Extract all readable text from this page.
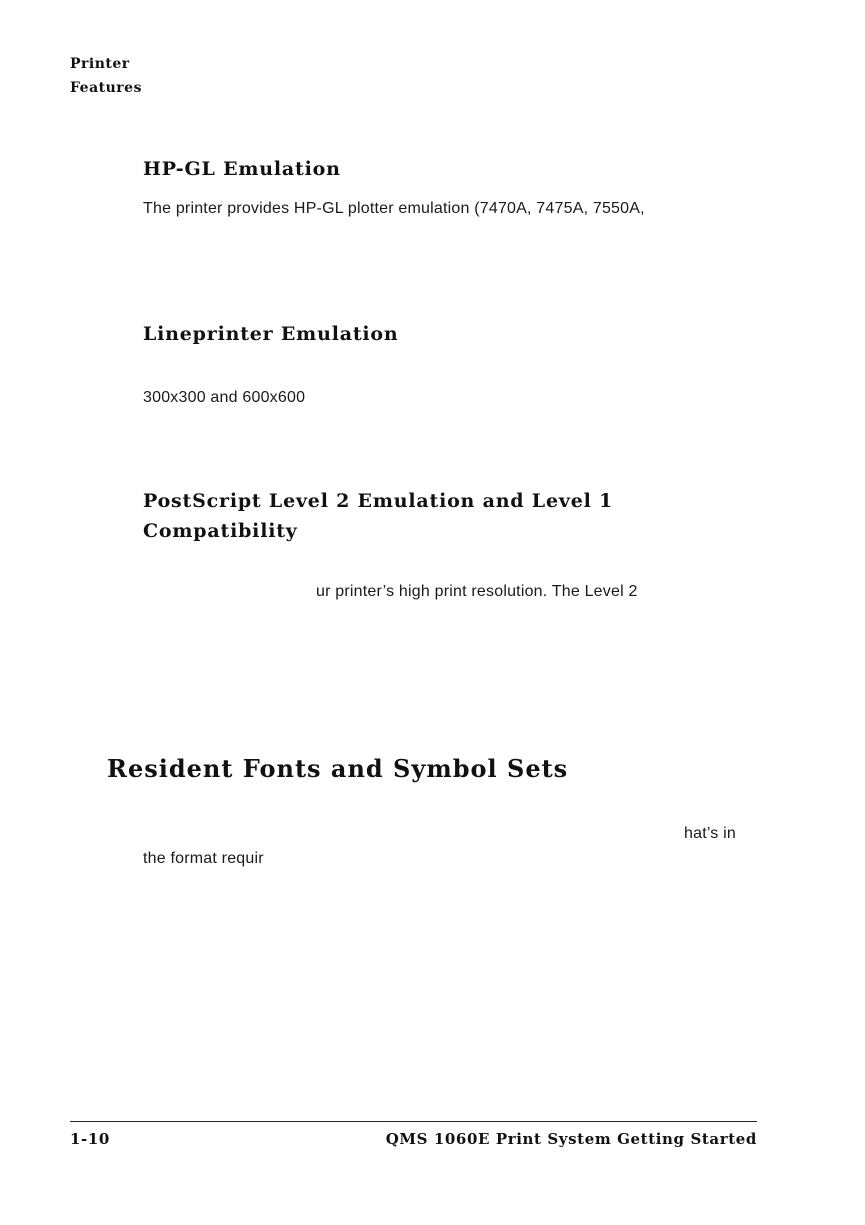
Printer
Features
HP-GL Emulation
The printer provides HP-GL plotter emulation (7470A, 7475A, 7550A,
Lineprinter Emulation
300x300 and 600x600
PostScript Level 2 Emulation and Level 1
Compatibility
ur printer’s high print resolution. The Level 2
Resident Fonts and Symbol Sets
hat’s in
the format requir
1-10	QMS 1060E Print System Getting Started
